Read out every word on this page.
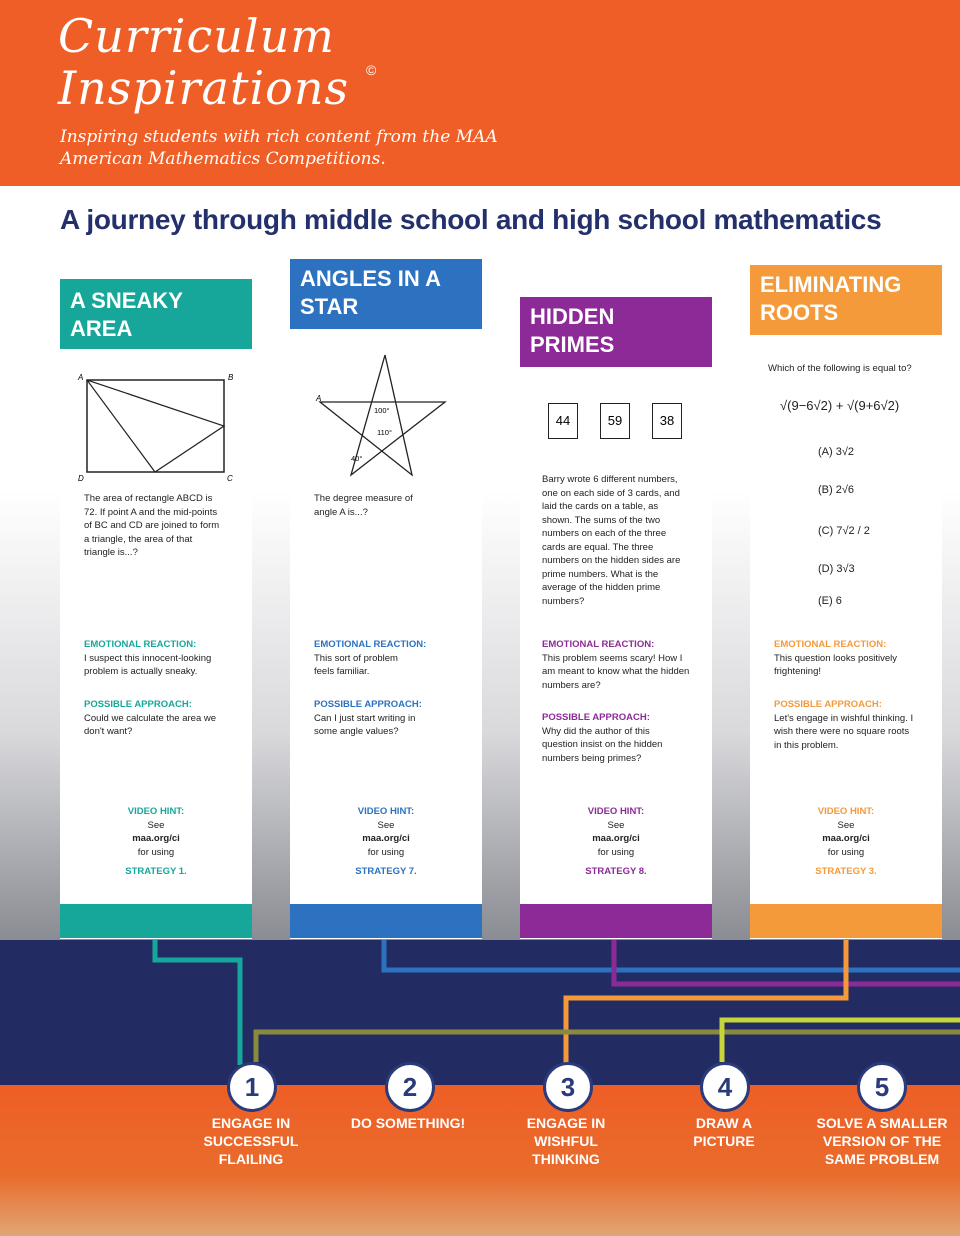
Curriculum
Inspirations ©
Inspiring students with rich content from the MAA American Mathematics Competitions.
A journey through middle school and high school mathematics
A SNEAKY AREA
A	B
D	C
The area of rectangle ABCD is 72. If point A and the mid-points of BC and CD are joined to form a triangle, the area of that triangle is...?
EMOTIONAL REACTION:
I suspect this innocent-looking problem is actually sneaky.
POSSIBLE APPROACH:
Could we calculate the area we don't want?
VIDEO HINT:
See
maa.org/ci
for using
STRATEGY 1.
ANGLES IN A STAR
A
100°
110°
40°
The degree measure of angle A is...?
EMOTIONAL REACTION:
This sort of problem feels familiar.
POSSIBLE APPROACH:
Can I just start writing in some angle values?
VIDEO HINT:
See
maa.org/ci
for using
STRATEGY 7.
HIDDEN PRIMES
Barry wrote 6 different numbers, one on each side of 3 cards, and laid the cards on a table, as shown. The sums of the two numbers on each of the three cards are equal. The three numbers on the hidden sides are prime numbers. What is the average of the hidden prime numbers?
EMOTIONAL REACTION:
This problem seems scary! How I am meant to know what the hidden numbers are?
POSSIBLE APPROACH:
Why did the author of this question insist on the hidden numbers being primes?
VIDEO HINT:
See
maa.org/ci
for using
STRATEGY 8.
44	59	38
ELIMINATING ROOTS
Which of the following is equal to?
√(9−6√2) + √(9+6√2)
(A) 3√2
(B) 2√6
(C) 7√2 / 2
(D) 3√3
(E) 6
EMOTIONAL REACTION:
This question looks positively frightening!
POSSIBLE APPROACH:
Let's engage in wishful thinking. I wish there were no square roots in this problem.
VIDEO HINT:
See
maa.org/ci
for using
STRATEGY 3.
1	2	3	4	5
ENGAGE IN SUCCESSFUL FLAILING
DO SOMETHING!	ENGAGE IN WISHFUL THINKING
DRAW A PICTURE
SOLVE A SMALLER VERSION OF THE SAME PROBLEM
